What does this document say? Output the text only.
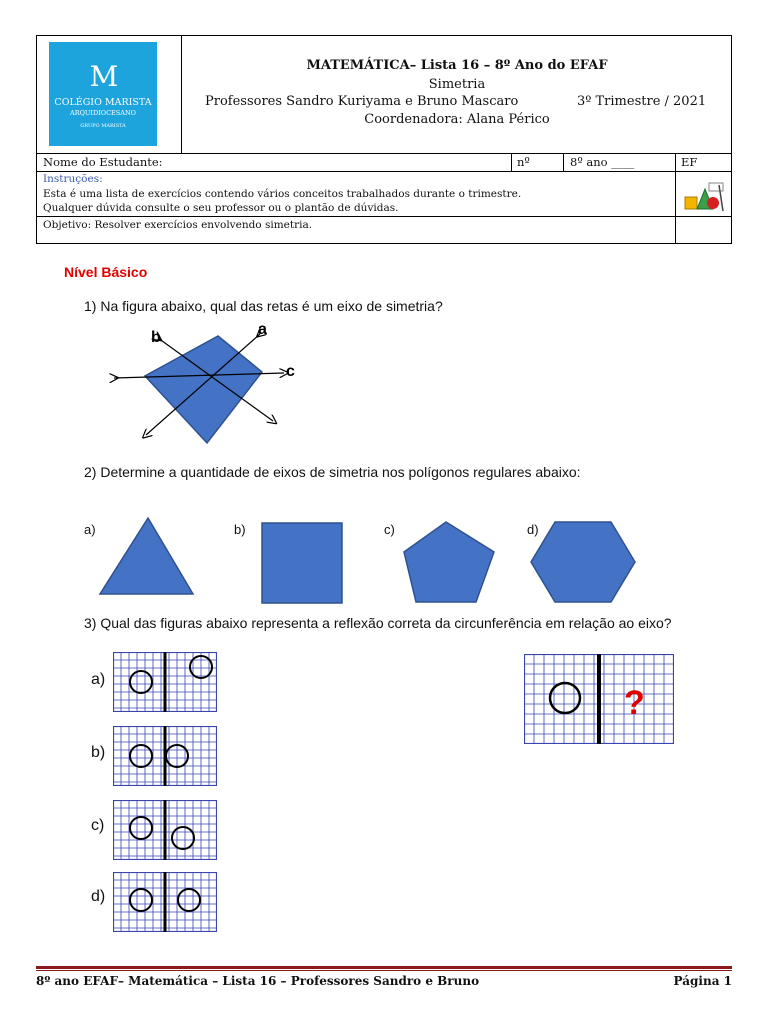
M
COLÉGIO MARISTA
ARQUIDIOCESANO
GRUPO MARISTA
MATEMÁTICA– Lista 16 – 8º Ano do EFAF
Simetria
Professores Sandro Kuriyama e Bruno Mascaro	3º Trimestre / 2021
Coordenadora: Alana Périco
Nome do Estudante:	nº	8º ano ____	EF
Instruções:
Esta é uma lista de exercícios contendo vários conceitos trabalhados durante o trimestre.
Qualquer dúvida consulte o seu professor ou o plantão de dúvidas.
Objetivo: Resolver exercícios envolvendo simetria.
Nível Básico
1) Na figura abaixo, qual das retas é um eixo de simetria?
b	a
c
2) Determine a quantidade de eixos de simetria nos polígonos regulares abaixo:
a)	b)	c)	d)
3) Qual das figuras abaixo representa a reflexão correta da circunferência em relação ao eixo?
a)
b)
c)
d)
?
8º ano EFAF– Matemática – Lista 16 – Professores Sandro e Bruno	Página 1
